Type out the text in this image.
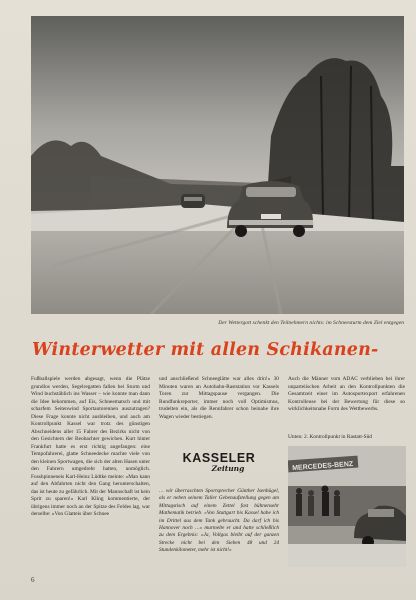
Der Wettergott schenkt den Teilnehmern nichts: im Schneesturm dem Ziel entgegen
Winterwetter mit allen Schikanen-

Fußballspiele werden abgesagt, wenn die Plätze grundlos werden, Segelregatten fallen bei Sturm und Wind buchstäblich ins Wasser – wie konnte man dann die Idee bekommen, auf Eis, Schneematsch und mit scharfem Seitenwind Sportautorennen auszutragen? Diese Frage konnte nicht ausbleiben, und auch am Kontrollpunkt Kassel war trotz des günstigen Abschneidens aller 15 Fahrer des Bezirks nicht von den Gesichtern der Beobachter gewichen. Kurt hinter Frankfurt hatte es erst richtig angefangen: eine Tempofahrerei, glatte Schneedecke machte viele von den kleinen Sportwagen, die sich der alten Hasen unter den Fahrern umgedreht hatten, unmöglich. Fusshpinneneis Karl-Heinz Lüdtke meinte: »Man kann auf den Abfahrten nicht den Gang herunterschalten, das ist heute zu gefährlich. Mit der Mannschaft ist kein Sprit zu sparen!« Karl Kling kommentierte, der übrigens immer noch an der Spitze des Feldes lag, war derselbe: »Von Glatteis über Schnee

und anschließend Schneeglätte war alles drin!« 30 Minuten waren an Autobahn-Raststation vor Kassels Toren zur Mittagspause vergangen. Die Rundfunkreporter, immer noch voll Optimismus, trudelten ein, als die Rennfahrer schon beinahe ihre Wagen wieder bestiegen.

KASSELER
Zeitung
… wir überraschten Sportsprecher Günther Isenbügel, als er neben seinem Taller Gebenaufstellung gegen am Mittagstisch auf einem Zettel fast bühnensehr Mathematik betrieb. »Von Stuttgart bis Kassel habe ich im Drittel aus dem Tank gebraucht. Da darf ich bis Hannover noch …« murmelte er und hatte schließlich zu dem Ergebnis: »Ja, Vollgas bleibt auf der ganzen Strecke nicht bei den Sieben 48 und 24 Stundenkilometer, mehr ist nicht!«

Auch die Männer vom ADAC verblieben bei ihrer unparteiischen Arbeit an den Kontrollpunkten die Gesamtzeit einer im Autosportexport erfahrenen Kontrolleuse bei der Bewertung für diese so wirklichkeitsnahe Form des Wettbewerbs.

Unten: 2. Kontrollpunkt in Rastatt-Süd
MERCEDES-BENZ
6
